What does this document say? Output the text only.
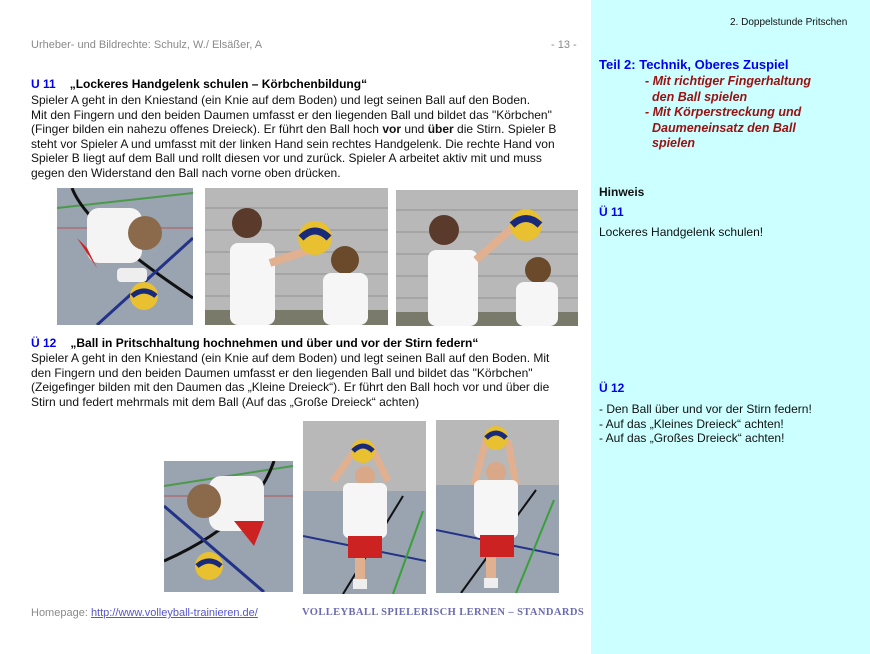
Urheber- und Bildrechte: Schulz, W./ Elsäßer, A	- 13 -
U 11 „Lockeres Handgelenk schulen – Körbchenbildung“
Spieler A geht in den Kniestand (ein Knie auf dem Boden) und legt seinen Ball auf den Boden.
Mit den Fingern und den beiden Daumen umfasst er den liegenden Ball und bildet das "Körbchen"
(Finger bilden ein nahezu offenes Dreieck). Er führt den Ball hoch vor und über die Stirn. Spieler B
steht vor Spieler A und umfasst mit der linken Hand sein rechtes Handgelenk. Die rechte Hand von
Spieler B liegt auf dem Ball und rollt diesen vor und zurück. Spieler A arbeitet aktiv mit und muss
gegen den Widerstand den Ball nach vorne oben drücken.
Ü 12 „Ball in Pritschhaltung hochnehmen und über und vor der Stirn federn“
Spieler A geht in den Kniestand (ein Knie auf dem Boden) und legt seinen Ball auf den Boden. Mit
den Fingern und den beiden Daumen umfasst er den liegenden Ball und bildet das "Körbchen"
(Zeigefinger bilden mit den Daumen das „Kleine Dreieck“). Er führt den Ball hoch vor und über die
Stirn und federt mehrmals mit dem Ball (Auf das „Große Dreieck“ achten)
Homepage: http://www.volleyball-trainieren.de/	VOLLEYBALL SPIELERISCH LERNEN – STANDARDS
2. Doppelstunde Pritschen
Teil 2: Technik, Oberes Zuspiel
- Mit richtiger Fingerhaltung
den Ball spielen
- Mit Körperstreckung und
Daumeneinsatz den Ball
spielen
Hinweis
Ü 11
Lockeres Handgelenk schulen!
Ü 12
- Den Ball über und vor der Stirn federn!
- Auf das „Kleines Dreieck“ achten!
- Auf das „Großes Dreieck“ achten!
